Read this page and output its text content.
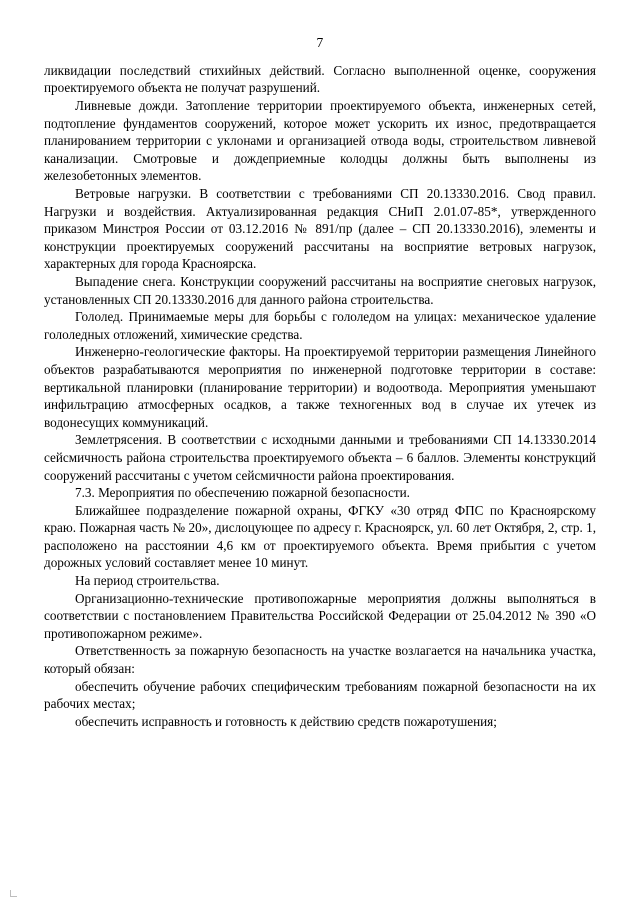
7

ликвидации последствий стихийных действий. Согласно выполненной оценке, сооружения проектируемого объекта не получат разрушений.

Ливневые дожди. Затопление территории проектируемого объекта, инженерных сетей, подтопление фундаментов сооружений, которое может ускорить их износ, предотвращается планированием территории с уклонами и организацией отвода воды, строительством ливневой канализации. Смотровые и дождеприемные колодцы должны быть выполнены из железобетонных элементов.

Ветровые нагрузки. В соответствии с требованиями СП 20.13330.2016. Свод правил. Нагрузки и воздействия. Актуализированная редакция СНиП 2.01.07-85*, утвержденного приказом Минстроя России от 03.12.2016 № 891/пр (далее – СП 20.13330.2016), элементы и конструкции проектируемых сооружений рассчитаны на восприятие ветровых нагрузок, характерных для города Красноярска.

Выпадение снега. Конструкции сооружений рассчитаны на восприятие снеговых нагрузок, установленных СП 20.13330.2016 для данного района строительства.

Гололед. Принимаемые меры для борьбы с гололедом на улицах: механическое удаление гололедных отложений, химические средства.

Инженерно-геологические факторы. На проектируемой территории размещения Линейного объектов разрабатываются мероприятия по инженерной подготовке территории в составе: вертикальной планировки (планирование территории) и водоотвода. Мероприятия уменьшают инфильтрацию атмосферных осадков, а также техногенных вод в случае их утечек из водонесущих коммуникаций.

Землетрясения. В соответствии с исходными данными и требованиями СП 14.13330.2014 сейсмичность района строительства проектируемого объекта – 6 баллов. Элементы конструкций сооружений рассчитаны с учетом сейсмичности района проектирования.

7.3. Мероприятия по обеспечению пожарной безопасности.

Ближайшее подразделение пожарной охраны, ФГКУ «30 отряд ФПС по Красноярскому краю. Пожарная часть № 20», дислоцующее по адресу г. Красноярск, ул. 60 лет Октября, 2, стр. 1, расположено на расстоянии 4,6 км от проектируемого объекта. Время прибытия с учетом дорожных условий составляет менее 10 минут.

На период строительства.

Организационно-технические противопожарные мероприятия должны выполняться в соответствии с постановлением Правительства Российской Федерации от 25.04.2012 № 390 «О противопожарном режиме».

Ответственность за пожарную безопасность на участке возлагается на начальника участка, который обязан:

обеспечить обучение рабочих специфическим требованиям пожарной безопасности на их рабочих местах;

обеспечить исправность и готовность к действию средств пожаротушения;
